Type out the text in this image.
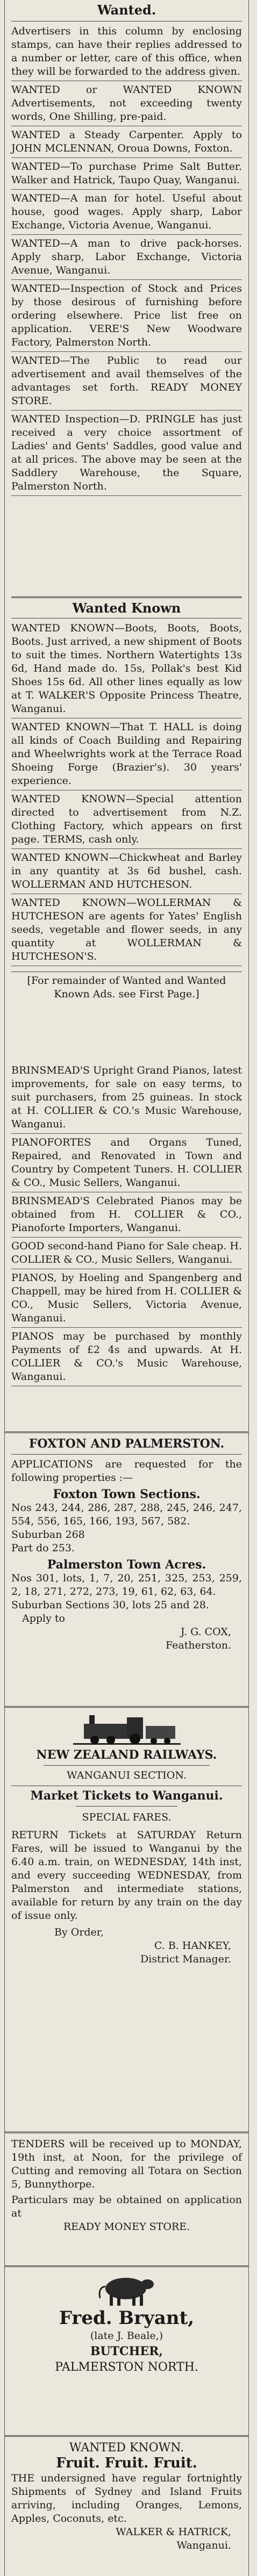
Wanted.

Advertisers in this column by enclosing stamps, can have their replies addressed to a number or letter, care of this office, when they will be forwarded to the address given.

WANTED or WANTED KNOWN Advertisements, not exceeding twenty words, One Shilling, pre-paid.

WANTED a Steady Carpenter. Apply to JOHN MCLENNAN, Oroua Downs, Foxton.

WANTED—To purchase Prime Salt Butter. Walker and Hatrick, Taupo Quay, Wanganui.

WANTED—A man for hotel. Useful about house, good wages. Apply sharp, Labor Exchange, Victoria Avenue, Wanganui.

WANTED—A man to drive pack-horses. Apply sharp, Labor Exchange, Victoria Avenue, Wanganui.

WANTED—Inspection of Stock and Prices by those desirous of furnishing before ordering elsewhere. Price list free on application. VERE'S New Woodware Factory, Palmerston North.

WANTED—The Public to read our advertisement and avail themselves of the advantages set forth. READY MONEY STORE.

WANTED Inspection—D. PRINGLE has just received a very choice assortment of Ladies' and Gents' Saddles, good value and at all prices. The above may be seen at the Saddlery Warehouse, the Square, Palmerston North.

Wanted Known

WANTED KNOWN—Boots, Boots, Boots, Boots. Just arrived, a new shipment of Boots to suit the times. Northern Watertights 13s 6d, Hand made do. 15s, Pollak's best Kid Shoes 15s 6d. All other lines equally as low at T. WALKER'S Opposite Princess Theatre, Wanganui.

WANTED KNOWN—That T. HALL is doing all kinds of Coach Building and Repairing and Wheelwrights work at the Terrace Road Shoeing Forge (Brazier's). 30 years' experience.

WANTED KNOWN—Special attention directed to advertisement from N.Z. Clothing Factory, which appears on first page. TERMS, cash only.

WANTED KNOWN—Chickwheat and Barley in any quantity at 3s 6d bushel, cash. WOLLERMAN AND HUTCHESON.

WANTED KNOWN—WOLLERMAN & HUTCHESON are agents for Yates' English seeds, vegetable and flower seeds, in any quantity at WOLLERMAN & HUTCHESON'S.

[For remainder of Wanted and Wanted Known Ads. see First Page.]

BRINSMEAD'S Upright Grand Pianos, latest improvements, for sale on easy terms, to suit purchasers, from 25 guineas. In stock at H. COLLIER & CO.'s Music Warehouse, Wanganui.

PIANOFORTES and Organs Tuned, Repaired, and Renovated in Town and Country by Competent Tuners. H. COLLIER & CO., Music Sellers, Wanganui.

BRINSMEAD'S Celebrated Pianos may be obtained from H. COLLIER & CO., Pianoforte Importers, Wanganui.

GOOD second-hand Piano for Sale cheap. H. COLLIER & CO., Music Sellers, Wanganui.

PIANOS, by Hoeling and Spangenberg and Chappell, may be hired from H. COLLIER & CO., Music Sellers, Victoria Avenue, Wanganui.

PIANOS may be purchased by monthly Payments of £2 4s and upwards. At H. COLLIER & CO.'s Music Warehouse, Wanganui.

FOXTON AND PALMERSTON.

APPLICATIONS are requested for the following properties :—

Foxton Town Sections.

Nos 243, 244, 286, 287, 288, 245, 246, 247, 554, 556, 165, 166, 193, 567, 582.

Suburban 268

Part do 253.

Palmerston Town Acres.

Nos 301, lots, 1, 7, 20, 251, 325, 253, 259, 2, 18, 271, 272, 273, 19, 61, 62, 63, 64.

Suburban Sections 30, lots 25 and 28.

Apply to

J. G. COX,

Featherston.

NEW ZEALAND RAILWAYS.

WANGANUI SECTION.

Market Tickets to Wanganui.

SPECIAL FARES.

RETURN Tickets at SATURDAY Return Fares, will be issued to Wanganui by the 6.40 a.m. train, on WEDNESDAY, 14th inst, and every succeeding WEDNESDAY, from Palmerston and intermediate stations, available for return by any train on the day of issue only.

By Order,

C. B. HANKEY,

District Manager.

TENDERS will be received up to MONDAY, 19th inst, at Noon, for the privilege of Cutting and removing all Totara on Section 5, Bunnythorpe.

Particulars may be obtained on application at

READY MONEY STORE.

Fred. Bryant,

(late J. Beale,)

BUTCHER,

PALMERSTON NORTH.

WANTED KNOWN.

Fruit. Fruit. Fruit.

THE undersigned have regular fortnightly Shipments of Sydney and Island Fruits arriving, including Oranges, Lemons, Apples, Coconuts, etc.

WALKER & HATRICK,

Wanganui.
